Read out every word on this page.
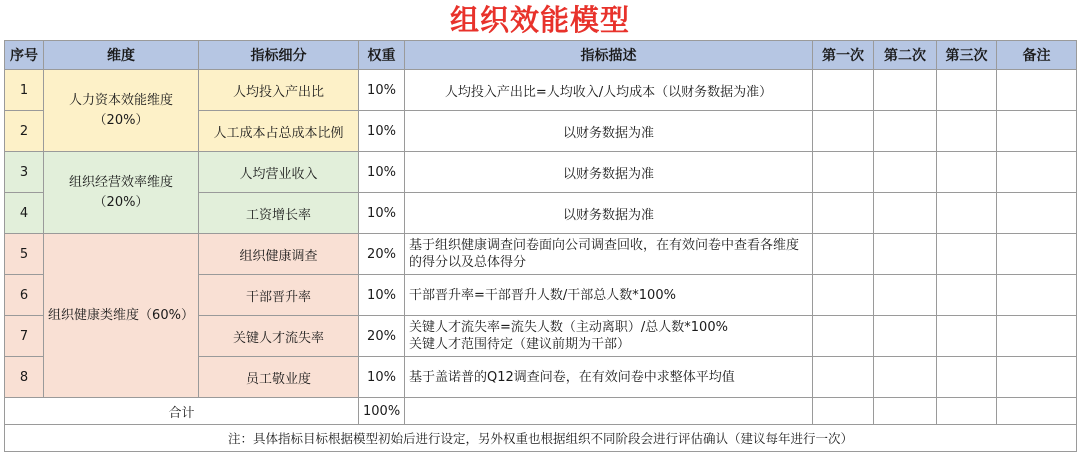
组织效能模型
序号	维度	指标细分	权重	指标描述	第一次	第二次	第三次	备注
1	人力资本效能维度（20%）	人均投入产出比	10%	人均投入产出比=人均收入/人均成本（以财务数据为准）				
2		人工成本占总成本比例	10%	以财务数据为准				
3	组织经营效率维度（20%）	人均营业收入	10%	以财务数据为准				
4		工资增长率	10%	以财务数据为准				
5	组织健康类维度（60%）	组织健康调查	20%	基于组织健康调查问卷面向公司调查回收，在有效问卷中查看各维度的得分以及总体得分				
6		干部晋升率	10%	干部晋升率=干部晋升人数/干部总人数*100%				
7		关键人才流失率	20%	关键人才流失率=流失人数（主动离职）/总人数*100%
关键人才范围待定（建议前期为干部）				

8		员工敬业度	10%	基于盖诺普的Q12调查问卷，在有效问卷中求整体平均值				
合计			100%					
注：具体指标目标根据模型初始后进行设定，另外权重也根据组织不同阶段会进行评估确认（建议每年进行一次）								
